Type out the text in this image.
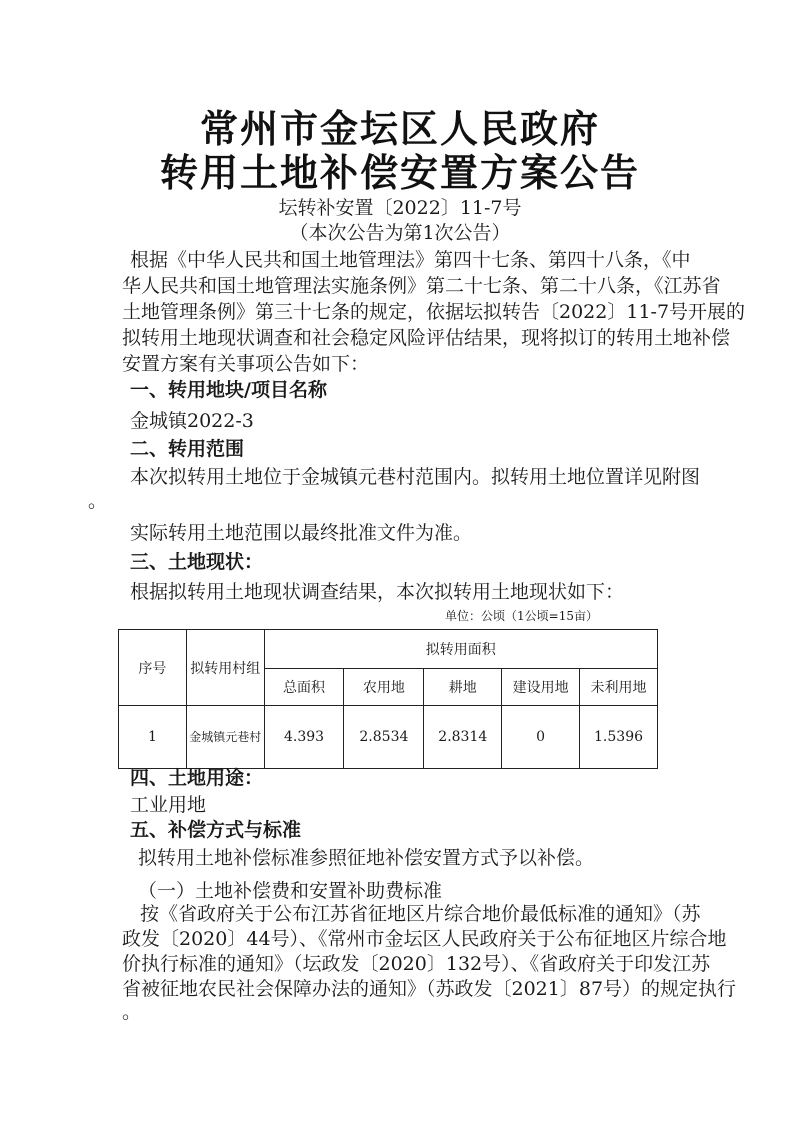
常州市金坛区人民政府
转用土地补偿安置方案公告
坛转补安置〔2022〕11-7号
（本次公告为第1次公告）
根据《中华人民共和国土地管理法》第四十七条、第四十八条，《中
华人民共和国土地管理法实施条例》第二十七条、第二十八条，《江苏省
土地管理条例》第三十七条的规定，依据坛拟转告〔2022〕11-7号开展的
拟转用土地现状调查和社会稳定风险评估结果，现将拟订的转用土地补偿
安置方案有关事项公告如下：
一、转用地块/项目名称
金城镇2022-3
二、转用范围
本次拟转用土地位于金城镇元巷村范围内。拟转用土地位置详见附图
。
实际转用土地范围以最终批准文件为准。
三、土地现状：
根据拟转用土地现状调查结果，本次拟转用土地现状如下：
单位：公顷（1公顷=15亩）
序号	拟转用村组	拟转用面积				
		总面积	农用地	耕地	建设用地	未利用地
1	金城镇元巷村	4.393	2.8534	2.8314	0	1.5396
四、土地用途：
工业用地
五、补偿方式与标准
拟转用土地补偿标准参照征地补偿安置方式予以补偿。
（一）土地补偿费和安置补助费标准
按《省政府关于公布江苏省征地区片综合地价最低标准的通知》（苏
政发〔2020〕44号）、《常州市金坛区人民政府关于公布征地区片综合地
价执行标准的通知》（坛政发〔2020〕132号）、《省政府关于印发江苏
省被征地农民社会保障办法的通知》（苏政发〔2021〕87号）的规定执行
。
